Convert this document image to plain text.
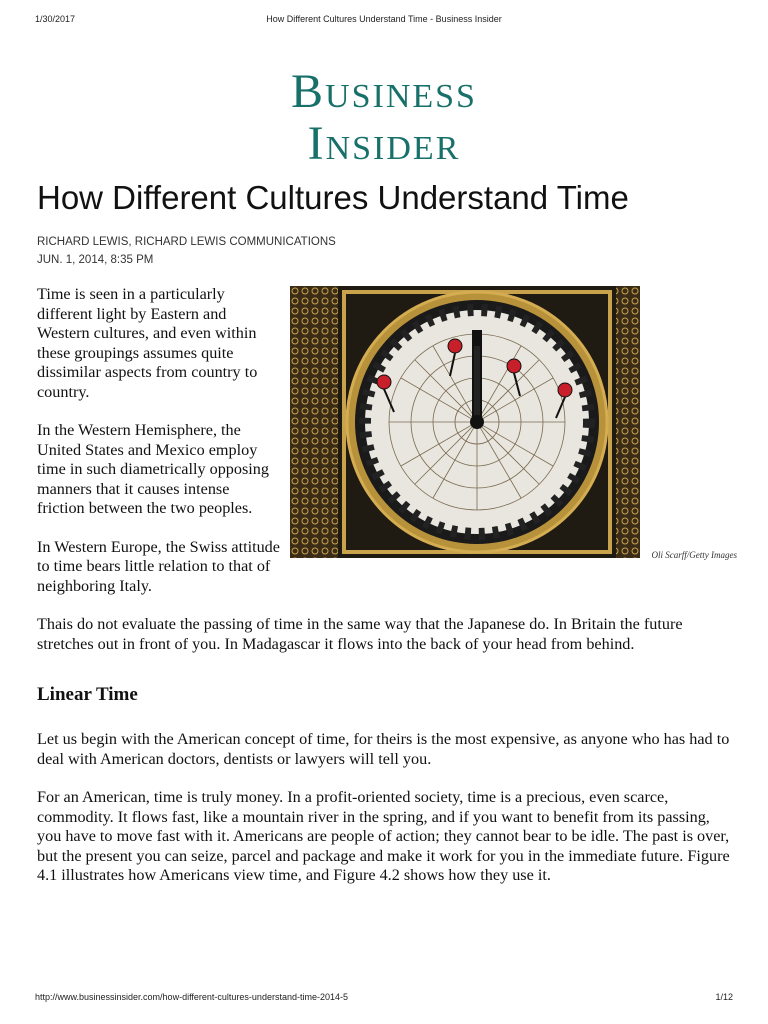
1/30/2017	How Different Cultures Understand Time - Business Insider
Business
Insider
How Different Cultures Understand Time
RICHARD LEWIS, RICHARD LEWIS COMMUNICATIONS
JUN. 1, 2014, 8:35 PM
Oli Scarff/Getty Images

Time is seen in a particularly different light by Eastern and Western cultures, and even within these groupings assumes quite dissimilar aspects from country to country.

In the Western Hemisphere, the United States and Mexico employ time in such diametrically opposing manners that it causes intense friction between the two peoples.

In Western Europe, the Swiss attitude to time bears little relation to that of neighboring Italy.

Thais do not evaluate the passing of time in the same way that the Japanese do. In Britain the future stretches out in front of you. In Madagascar it flows into the back of your head from behind.

Linear Time

Let us begin with the American concept of time, for theirs is the most expensive, as anyone who has had to deal with American doctors, dentists or lawyers will tell you.

For an American, time is truly money. In a profit-oriented society, time is a precious, even scarce, commodity. It flows fast, like a mountain river in the spring, and if you want to benefit from its passing, you have to move fast with it. Americans are people of action; they cannot bear to be idle. The past is over, but the present you can seize, parcel and package and make it work for you in the immediate future. Figure 4.1 illustrates how Americans view time, and Figure 4.2 shows how they use it.

http://www.businessinsider.com/how-different-cultures-understand-time-2014-5	1/12
